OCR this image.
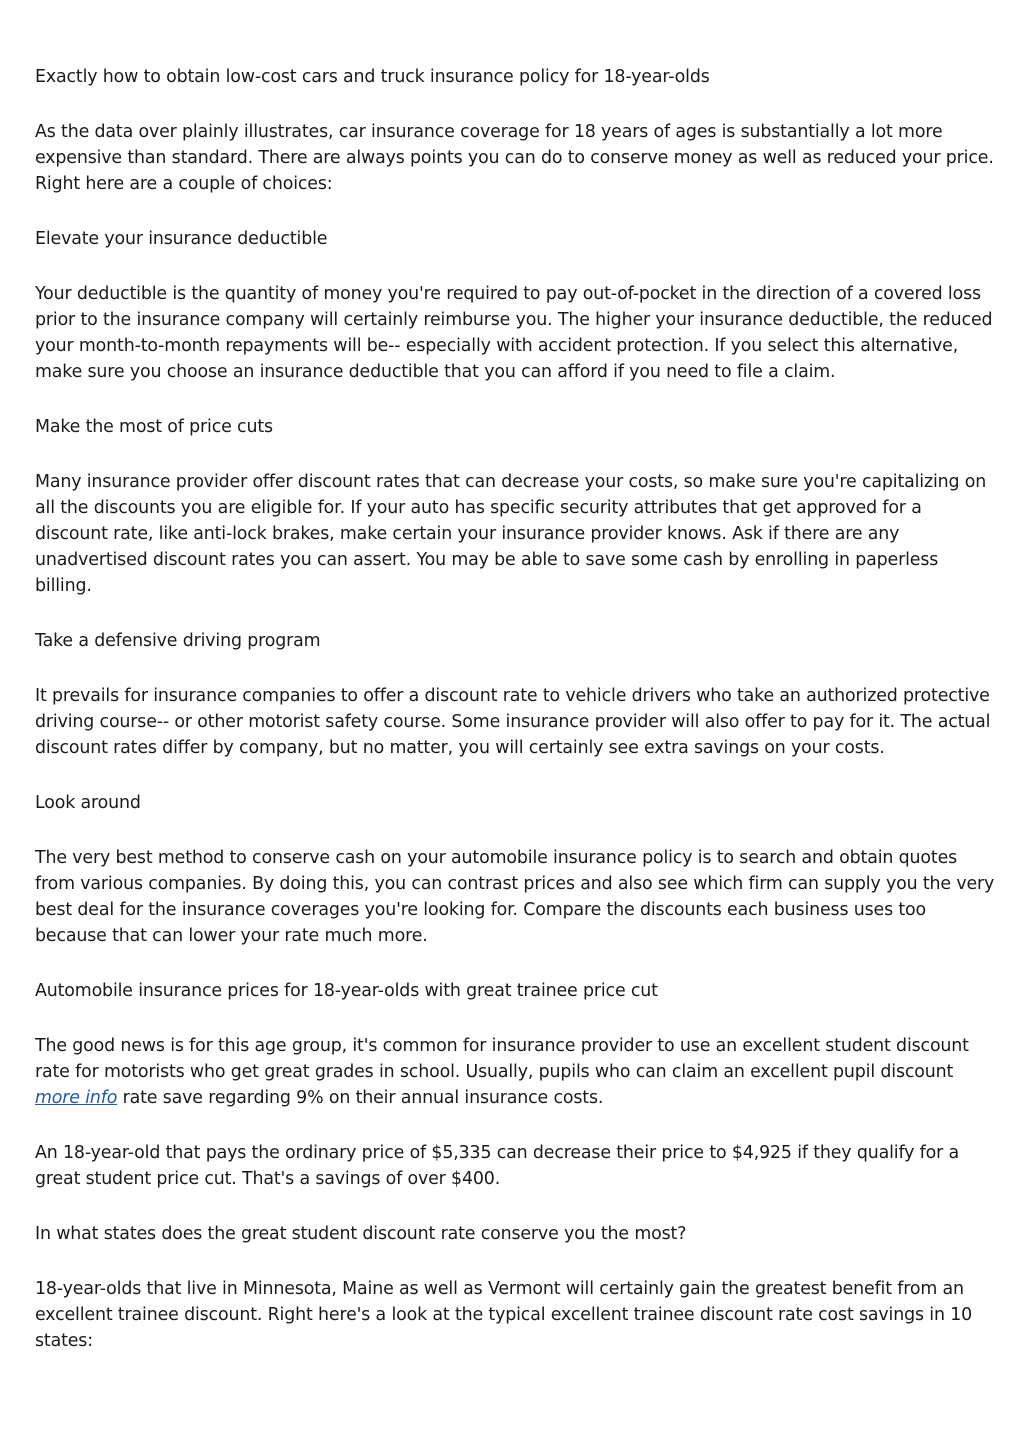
Exactly how to obtain low-cost cars and truck insurance policy for 18-year-olds

As the data over plainly illustrates, car insurance coverage for 18 years of ages is substantially a lot more expensive than standard. There are always points you can do to conserve money as well as reduced your price. Right here are a couple of choices:

Elevate your insurance deductible

Your deductible is the quantity of money you're required to pay out-of-pocket in the direction of a covered loss prior to the insurance company will certainly reimburse you. The higher your insurance deductible, the reduced your month-to-month repayments will be-- especially with accident protection. If you select this alternative, make sure you choose an insurance deductible that you can afford if you need to file a claim.

Make the most of price cuts

Many insurance provider offer discount rates that can decrease your costs, so make sure you're capitalizing on all the discounts you are eligible for. If your auto has specific security attributes that get approved for a discount rate, like anti-lock brakes, make certain your insurance provider knows. Ask if there are any unadvertised discount rates you can assert. You may be able to save some cash by enrolling in paperless billing.

Take a defensive driving program

It prevails for insurance companies to offer a discount rate to vehicle drivers who take an authorized protective driving course-- or other motorist safety course. Some insurance provider will also offer to pay for it. The actual discount rates differ by company, but no matter, you will certainly see extra savings on your costs.

Look around

The very best method to conserve cash on your automobile insurance policy is to search and obtain quotes from various companies. By doing this, you can contrast prices and also see which firm can supply you the very best deal for the insurance coverages you're looking for. Compare the discounts each business uses too because that can lower your rate much more.

Automobile insurance prices for 18-year-olds with great trainee price cut

The good news is for this age group, it's common for insurance provider to use an excellent student discount rate for motorists who get great grades in school. Usually, pupils who can claim an excellent pupil discount more info rate save regarding 9% on their annual insurance costs.

An 18-year-old that pays the ordinary price of $5,335 can decrease their price to $4,925 if they qualify for a great student price cut. That's a savings of over $400.

In what states does the great student discount rate conserve you the most?

18-year-olds that live in Minnesota, Maine as well as Vermont will certainly gain the greatest benefit from an excellent trainee discount. Right here's a look at the typical excellent trainee discount rate cost savings in 10 states:
